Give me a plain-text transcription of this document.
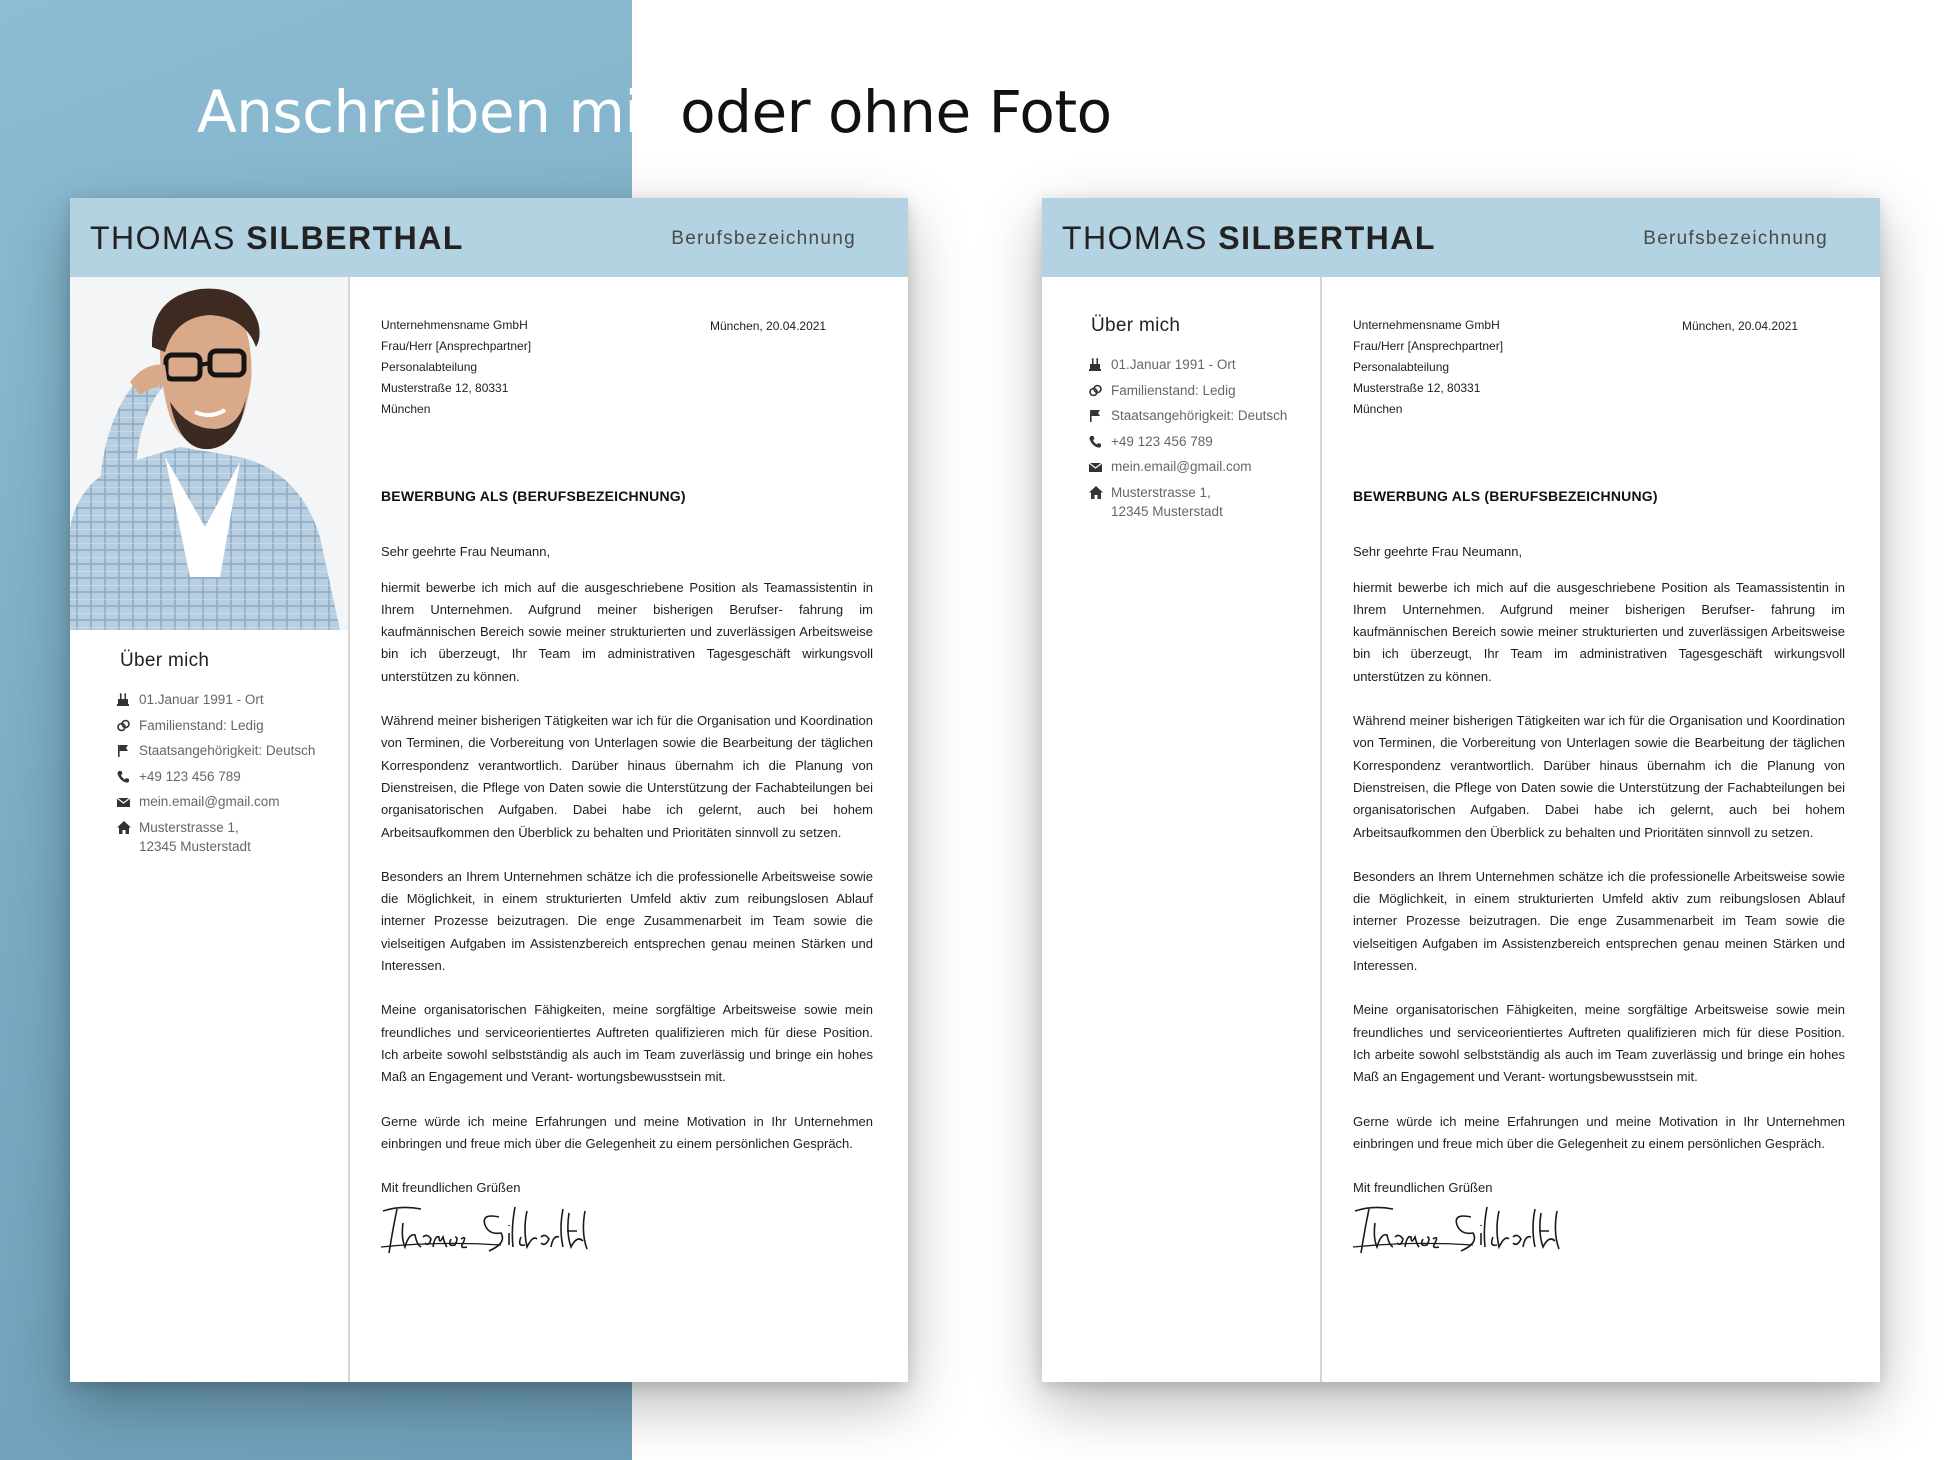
Anschreiben mit oder ohne Foto
THOMAS SILBERTHAL	Berufsbezeichnung
Über mich
01.Januar 1991 - Ort
Familienstand: Ledig
Staatsangehörigkeit: Deutsch
+49 123 456 789
mein.email@gmail.com
Musterstrasse 1,
12345 Musterstadt
München, 20.04.2021

Unternehmensname GmbH
Frau/Herr [Ansprechpartner]
Personalabteilung
Musterstraße 12, 80331
München

BEWERBUNG ALS (BERUFSBEZEICHNUNG)

Sehr geehrte Frau Neumann,

hiermit bewerbe ich mich auf die ausgeschriebene Position als Teamassistentin in Ihrem Unternehmen. Aufgrund meiner bisherigen Berufser- fahrung im kaufmännischen Bereich sowie meiner strukturierten und zuverlässigen Arbeitsweise bin ich überzeugt, Ihr Team im administrativen Tagesgeschäft wirkungsvoll unterstützen zu können.

Während meiner bisherigen Tätigkeiten war ich für die Organisation und Koordination von Terminen, die Vorbereitung von Unterlagen sowie die Bearbeitung der täglichen Korrespondenz verantwortlich. Darüber hinaus übernahm ich die Planung von Dienstreisen, die Pflege von Daten sowie die Unterstützung der Fachabteilungen bei organisatorischen Aufgaben. Dabei habe ich gelernt, auch bei hohem Arbeitsaufkommen den Überblick zu behalten und Prioritäten sinnvoll zu setzen.

Besonders an Ihrem Unternehmen schätze ich die professionelle Arbeitsweise sowie die Möglichkeit, in einem strukturierten Umfeld aktiv zum reibungslosen Ablauf interner Prozesse beizutragen. Die enge Zusammenarbeit im Team sowie die vielseitigen Aufgaben im Assistenzbereich entsprechen genau meinen Stärken und Interessen.

Meine organisatorischen Fähigkeiten, meine sorgfältige Arbeitsweise sowie mein freundliches und serviceorientiertes Auftreten qualifizieren mich für diese Position. Ich arbeite sowohl selbstständig als auch im Team zuverlässig und bringe ein hohes Maß an Engagement und Verant- wortungsbewusstsein mit.

Gerne würde ich meine Erfahrungen und meine Motivation in Ihr Unternehmen einbringen und freue mich über die Gelegenheit zu einem persönlichen Gespräch.

Mit freundlichen Grüßen

THOMAS SILBERTHAL	Berufsbezeichnung
Über mich
01.Januar 1991 - Ort
Familienstand: Ledig
Staatsangehörigkeit: Deutsch
+49 123 456 789
mein.email@gmail.com
Musterstrasse 1,
12345 Musterstadt
München, 20.04.2021

Unternehmensname GmbH
Frau/Herr [Ansprechpartner]
Personalabteilung
Musterstraße 12, 80331
München

BEWERBUNG ALS (BERUFSBEZEICHNUNG)

Sehr geehrte Frau Neumann,

hiermit bewerbe ich mich auf die ausgeschriebene Position als Teamassistentin in Ihrem Unternehmen. Aufgrund meiner bisherigen Berufser- fahrung im kaufmännischen Bereich sowie meiner strukturierten und zuverlässigen Arbeitsweise bin ich überzeugt, Ihr Team im administrativen Tagesgeschäft wirkungsvoll unterstützen zu können.

Während meiner bisherigen Tätigkeiten war ich für die Organisation und Koordination von Terminen, die Vorbereitung von Unterlagen sowie die Bearbeitung der täglichen Korrespondenz verantwortlich. Darüber hinaus übernahm ich die Planung von Dienstreisen, die Pflege von Daten sowie die Unterstützung der Fachabteilungen bei organisatorischen Aufgaben. Dabei habe ich gelernt, auch bei hohem Arbeitsaufkommen den Überblick zu behalten und Prioritäten sinnvoll zu setzen.

Besonders an Ihrem Unternehmen schätze ich die professionelle Arbeitsweise sowie die Möglichkeit, in einem strukturierten Umfeld aktiv zum reibungslosen Ablauf interner Prozesse beizutragen. Die enge Zusammenarbeit im Team sowie die vielseitigen Aufgaben im Assistenzbereich entsprechen genau meinen Stärken und Interessen.

Meine organisatorischen Fähigkeiten, meine sorgfältige Arbeitsweise sowie mein freundliches und serviceorientiertes Auftreten qualifizieren mich für diese Position. Ich arbeite sowohl selbstständig als auch im Team zuverlässig und bringe ein hohes Maß an Engagement und Verant- wortungsbewusstsein mit.

Gerne würde ich meine Erfahrungen und meine Motivation in Ihr Unternehmen einbringen und freue mich über die Gelegenheit zu einem persönlichen Gespräch.

Mit freundlichen Grüßen
